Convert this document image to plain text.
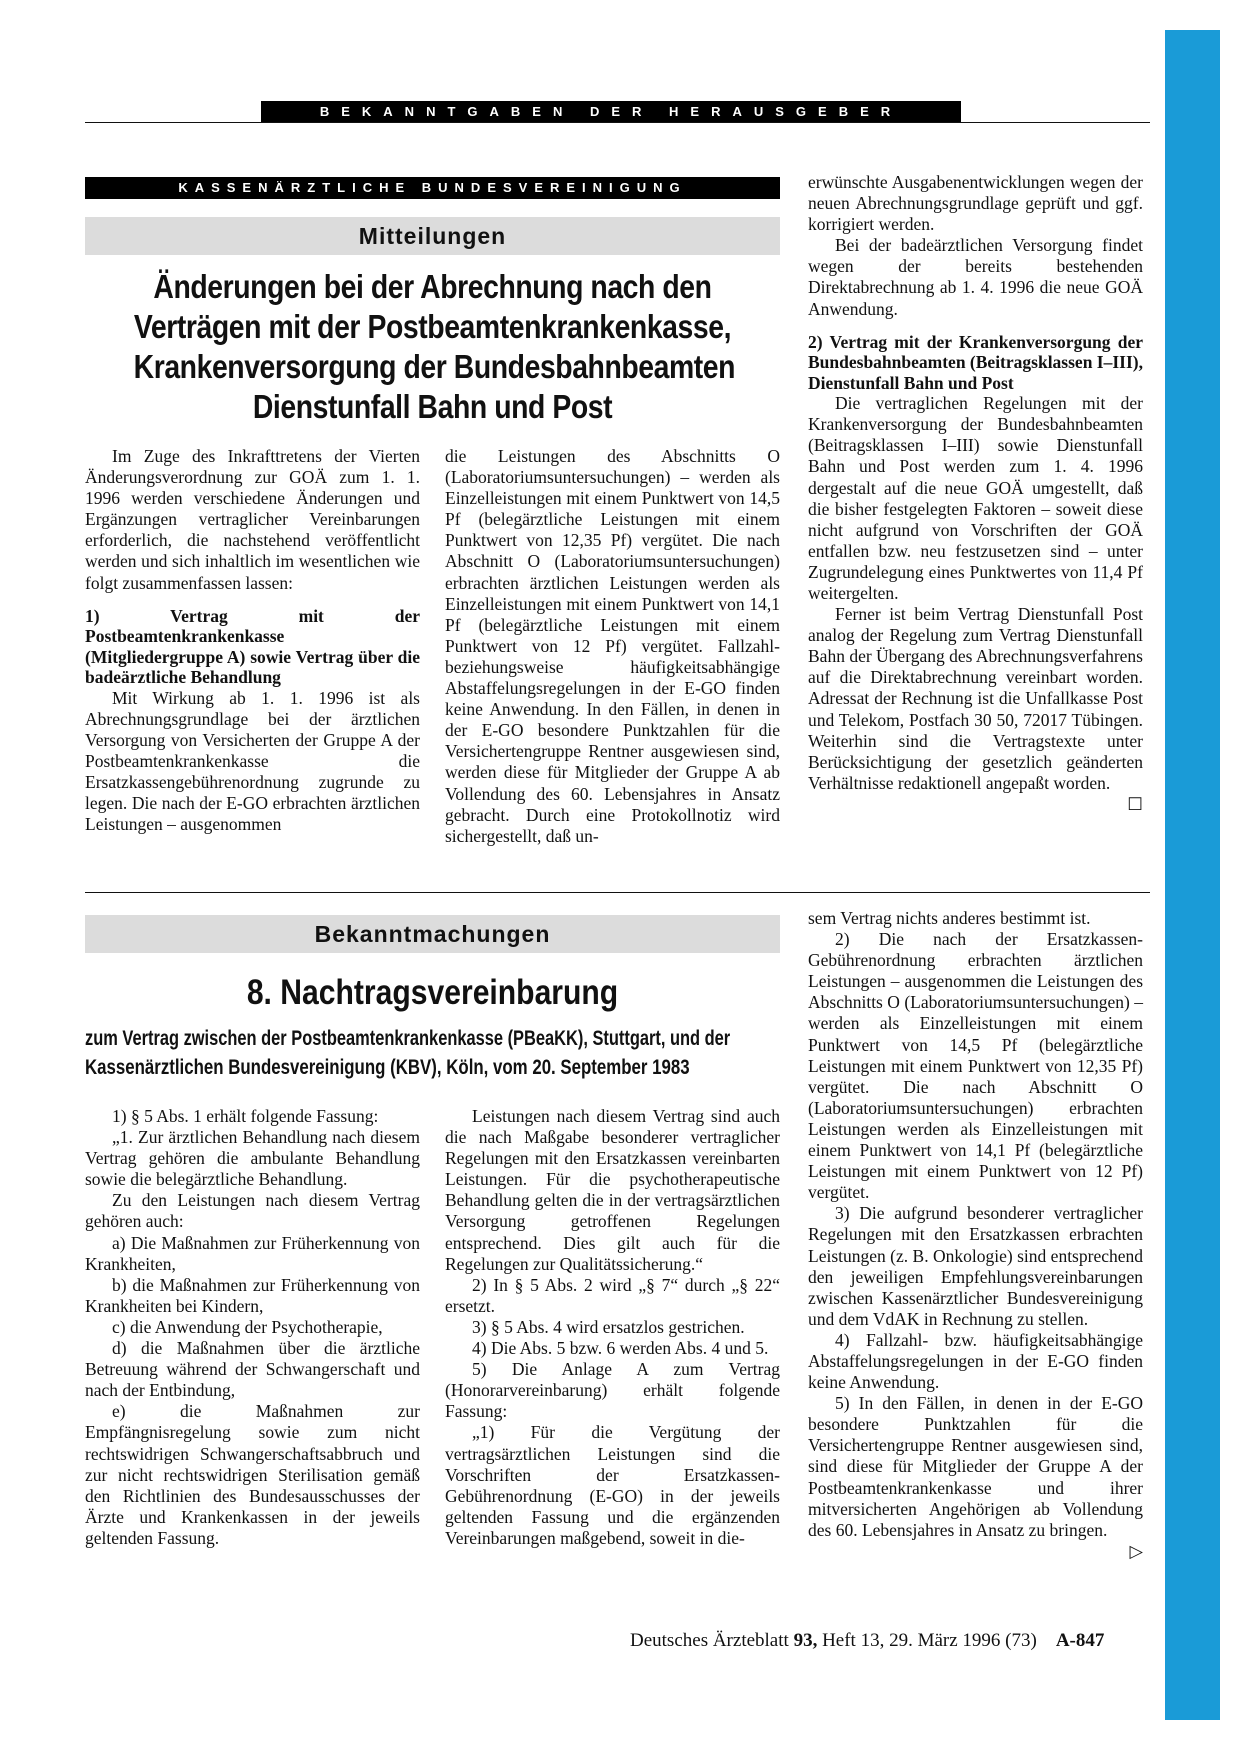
BEKANNTGABEN DER HERAUSGEBER
KASSENÄRZTLICHE BUNDESVEREINIGUNG
Mitteilungen
Änderungen bei der Abrechnung nach den
Verträgen mit der Postbeamtenkrankenkasse,
Krankenversorgung der Bundesbahnbeamten
Dienstunfall Bahn und Post

Im Zuge des Inkrafttretens der Vierten Änderungsverordnung zur GOÄ zum 1. 1. 1996 werden verschiedene Änderungen und Ergänzungen vertraglicher Vereinbarungen erforderlich, die nachstehend veröffentlicht werden und sich inhaltlich im wesentlichen wie folgt zusammenfassen lassen:

1) Vertrag mit der Postbeamtenkrankenkasse (Mitgliedergruppe A) sowie Vertrag über die badeärztliche Behandlung

Mit Wirkung ab 1. 1. 1996 ist als Abrechnungsgrundlage bei der ärztlichen Versorgung von Versicherten der Gruppe A der Postbeamtenkrankenkasse die Ersatzkassengebührenordnung zugrunde zu legen. Die nach der E-GO erbrachten ärztlichen Leistungen – ausgenommen

die Leistungen des Abschnitts O (Laboratoriumsuntersuchungen) – werden als Einzelleistungen mit einem Punktwert von 14,5 Pf (belegärztliche Leistungen mit einem Punktwert von 12,35 Pf) vergütet. Die nach Abschnitt O (Laboratoriumsuntersuchungen) erbrachten ärztlichen Leistungen werden als Einzelleistungen mit einem Punktwert von 14,1 Pf (belegärztliche Leistungen mit einem Punktwert von 12 Pf) vergütet. Fallzahl- beziehungsweise häufigkeitsabhängige Abstaffelungsregelungen in der E-GO finden keine Anwendung. In den Fällen, in denen in der E-GO besondere Punktzahlen für die Versichertengruppe Rentner ausgewiesen sind, werden diese für Mitglieder der Gruppe A ab Vollendung des 60. Lebensjahres in Ansatz gebracht. Durch eine Protokollnotiz wird sichergestellt, daß un-

erwünschte Ausgabenentwicklungen wegen der neuen Abrechnungsgrundlage geprüft und ggf. korrigiert werden.

Bei der badeärztlichen Versorgung findet wegen der bereits bestehenden Direktabrechnung ab 1. 4. 1996 die neue GOÄ Anwendung.

2) Vertrag mit der Krankenversorgung der Bundesbahnbeamten (Beitragsklassen I–III), Dienstunfall Bahn und Post

Die vertraglichen Regelungen mit der Krankenversorgung der Bundesbahnbeamten (Beitragsklassen I–III) sowie Dienstunfall Bahn und Post werden zum 1. 4. 1996 dergestalt auf die neue GOÄ umgestellt, daß die bisher festgelegten Faktoren – soweit diese nicht aufgrund von Vorschriften der GOÄ entfallen bzw. neu festzusetzen sind – unter Zugrundelegung eines Punktwertes von 11,4 Pf weitergelten.

Ferner ist beim Vertrag Dienstunfall Post analog der Regelung zum Vertrag Dienstunfall Bahn der Übergang des Abrechnungsverfahrens auf die Direktabrechnung vereinbart worden. Adressat der Rechnung ist die Unfallkasse Post und Telekom, Postfach 30 50, 72017 Tübingen. Weiterhin sind die Vertragstexte unter Berücksichtigung der gesetzlich geänderten Verhältnisse redaktionell angepaßt worden.
☐

Bekanntmachungen
8. Nachtragsvereinbarung
zum Vertrag zwischen der Postbeamtenkrankenkasse (PBeaKK), Stuttgart, und der
Kassenärztlichen Bundesvereinigung (KBV), Köln, vom 20. September 1983

1) § 5 Abs. 1 erhält folgende Fassung:

„1. Zur ärztlichen Behandlung nach diesem Vertrag gehören die ambulante Behandlung sowie die belegärztliche Behandlung.

Zu den Leistungen nach diesem Vertrag gehören auch:

a) Die Maßnahmen zur Früherkennung von Krankheiten,

b) die Maßnahmen zur Früherkennung von Krankheiten bei Kindern,

c) die Anwendung der Psychotherapie,

d) die Maßnahmen über die ärztliche Betreuung während der Schwangerschaft und nach der Entbindung,

e) die Maßnahmen zur Empfängnisregelung sowie zum nicht rechtswidrigen Schwangerschaftsabbruch und zur nicht rechtswidrigen Sterilisation gemäß den Richtlinien des Bundesausschusses der Ärzte und Krankenkassen in der jeweils geltenden Fassung.

Leistungen nach diesem Vertrag sind auch die nach Maßgabe besonderer vertraglicher Regelungen mit den Ersatzkassen vereinbarten Leistungen. Für die psychotherapeutische Behandlung gelten die in der vertragsärztlichen Versorgung getroffenen Regelungen entsprechend. Dies gilt auch für die Regelungen zur Qualitätssicherung.“

2) In § 5 Abs. 2 wird „§ 7“ durch „§ 22“ ersetzt.

3) § 5 Abs. 4 wird ersatzlos gestrichen.

4) Die Abs. 5 bzw. 6 werden Abs. 4 und 5.

5) Die Anlage A zum Vertrag (Honorarvereinbarung) erhält folgende Fassung:

„1) Für die Vergütung der vertragsärztlichen Leistungen sind die Vorschriften der Ersatzkassen-Gebührenordnung (E-GO) in der jeweils geltenden Fassung und die ergänzenden Vereinbarungen maßgebend, soweit in die-

sem Vertrag nichts anderes bestimmt ist.

2) Die nach der Ersatzkassen-Gebührenordnung erbrachten ärztlichen Leistungen – ausgenommen die Leistungen des Abschnitts O (Laboratoriumsuntersuchungen) – werden als Einzelleistungen mit einem Punktwert von 14,5 Pf (belegärztliche Leistungen mit einem Punktwert von 12,35 Pf) vergütet. Die nach Abschnitt O (Laboratoriumsuntersuchungen) erbrachten Leistungen werden als Einzelleistungen mit einem Punktwert von 14,1 Pf (belegärztliche Leistungen mit einem Punktwert von 12 Pf) vergütet.

3) Die aufgrund besonderer vertraglicher Regelungen mit den Ersatzkassen erbrachten Leistungen (z. B. Onkologie) sind entsprechend den jeweiligen Empfehlungsvereinbarungen zwischen Kassenärztlicher Bundesvereinigung und dem VdAK in Rechnung zu stellen.

4) Fallzahl- bzw. häufigkeitsabhängige Abstaffelungsregelungen in der E-GO finden keine Anwendung.

5) In den Fällen, in denen in der E-GO besondere Punktzahlen für die Versichertengruppe Rentner ausgewiesen sind, sind diese für Mitglieder der Gruppe A der Postbeamtenkrankenkasse und ihrer mitversicherten Angehörigen ab Vollendung des 60. Lebensjahres in Ansatz zu bringen.
▷

Deutsches Ärzteblatt 93, Heft 13, 29. März 1996 (73) A-847
